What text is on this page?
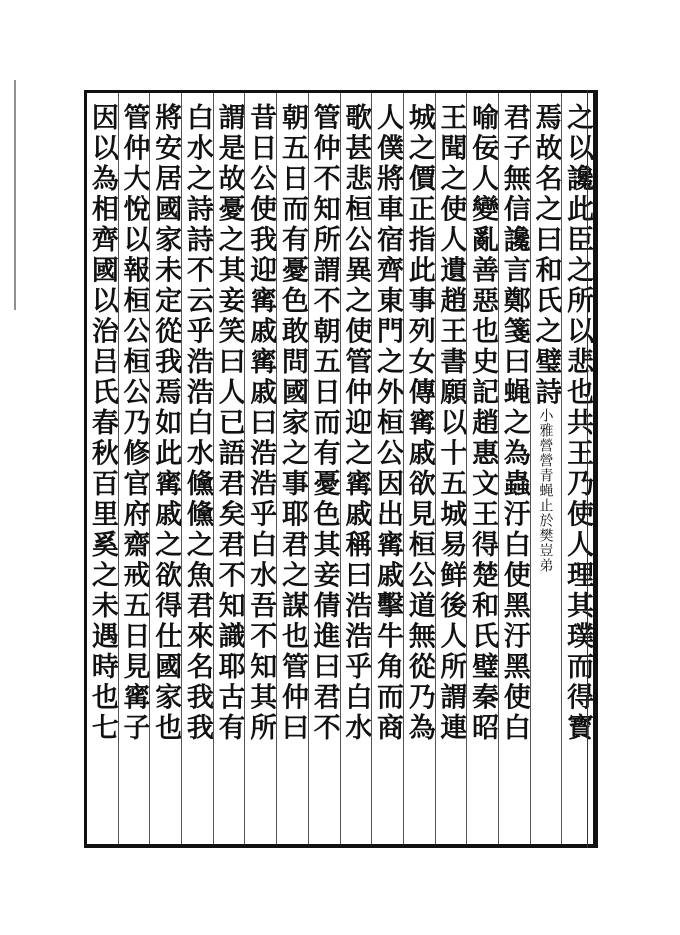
之以讒此臣之所以悲也共王乃使人理其璞而得寳
焉故名之曰和氏之璧詩小雅營營青蝇止於樊豈弟
君子無信讒言鄭箋曰蝇之為蟲汙白使黑汙黑使白
喻佞人變亂善惡也史記趙惠文王得楚和氏璧秦昭
王聞之使人遺趙王書願以十五城易鲜後人所謂連
城之價正指此事列女傳寗戚欲見桓公道無從乃為
人僕將車宿齊東門之外桓公因出寗戚擊牛角而商
歌甚悲桓公異之使管仲迎之寗戚稱曰浩浩乎白水
管仲不知所謂不朝五日而有憂色其妾倩進曰君不
朝五日而有憂色敢問國家之事耶君之謀也管仲曰
昔日公使我迎寗戚寗戚曰浩浩乎白水吾不知其所
謂是故憂之其妾笑曰人已語君矣君不知識耶古有
白水之詩詩不云乎浩浩白水儵儵之魚君來名我我
將安居國家未定從我焉如此寗戚之欲得仕國家也
管仲大悅以報桓公桓公乃修官府齋戒五日見寗子
因以為相齊國以治吕氏春秋百里奚之未遇時也七
